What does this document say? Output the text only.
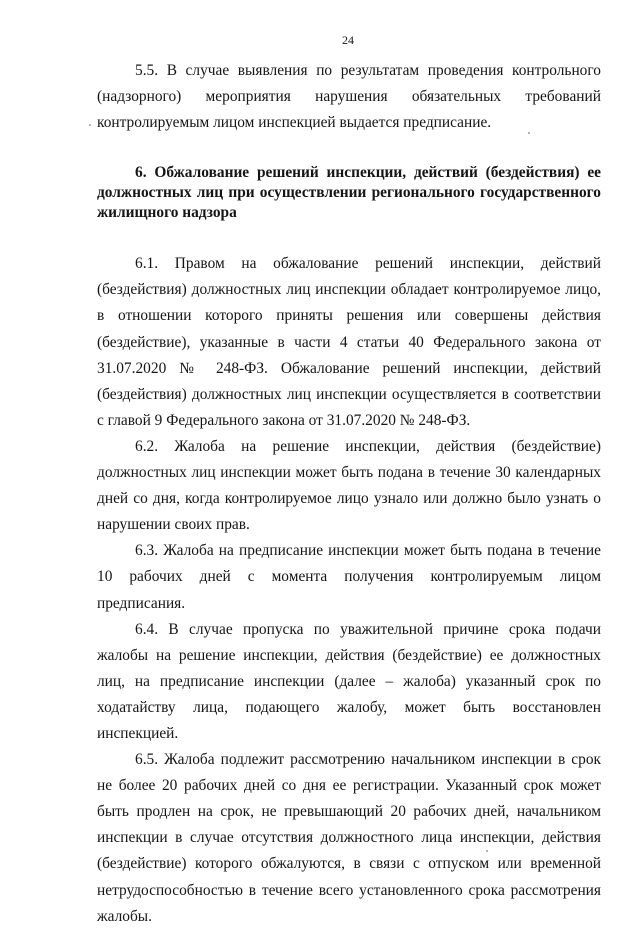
24

5.5. В случае выявления по результатам проведения контрольного (надзорного) мероприятия нарушения обязательных требований контролируемым лицом инспекцией выдается предписание.

6. Обжалование решений инспекции, действий (бездействия) ее должностных лиц при осуществлении регионального государственного жилищного надзора

6.1. Правом на обжалование решений инспекции, действий (бездействия) должностных лиц инспекции обладает контролируемое лицо, в отношении которого приняты решения или совершены действия (бездействие), указанные в части 4 статьи 40 Федерального закона от 31.07.2020 № 248-ФЗ. Обжалование решений инспекции, действий (бездействия) должностных лиц инспекции осуществляется в соответствии с главой 9 Федерального закона от 31.07.2020 № 248-ФЗ.

6.2. Жалоба на решение инспекции, действия (бездействие) должностных лиц инспекции может быть подана в течение 30 календарных дней со дня, когда контролируемое лицо узнало или должно было узнать о нарушении своих прав.

6.3. Жалоба на предписание инспекции может быть подана в течение 10 рабочих дней с момента получения контролируемым лицом предписания.

6.4. В случае пропуска по уважительной причине срока подачи жалобы на решение инспекции, действия (бездействие) ее должностных лиц, на предписание инспекции (далее – жалоба) указанный срок по ходатайству лица, подающего жалобу, может быть восстановлен инспекцией.

6.5. Жалоба подлежит рассмотрению начальником инспекции в срок не более 20 рабочих дней со дня ее регистрации. Указанный срок может быть продлен на срок, не превышающий 20 рабочих дней, начальником инспекции в случае отсутствия должностного лица инспекции, действия (бездействие) которого обжалуются, в связи с отпуском или временной нетрудоспособностью в течение всего установленного срока рассмотрения жалобы.
